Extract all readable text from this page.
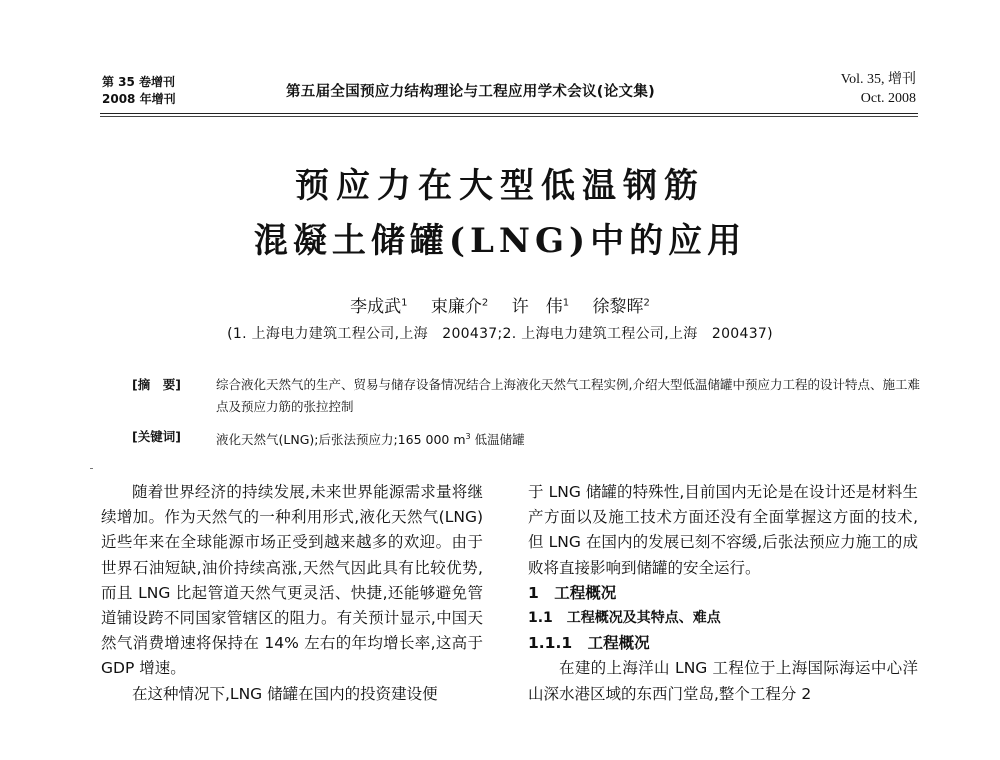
第 35 卷增刊
2008 年增刊	第五届全国预应力结构理论与工程应用学术会议(论文集)
Vol. 35, 增刊
Oct. 2008
预应力在大型低温钢筋
混凝土储罐(LNG)中的应用
李成武$^1$ 束廉介$^2$ 许　伟$^1$ 徐黎晖$^2$
(1. 上海电力建筑工程公司,上海　200437;2. 上海电力建筑工程公司,上海　200437)
[摘　要]	综合液化天然气的生产、贸易与储存设备情况结合上海液化天然气工程实例,介绍大型低温储罐中预应力工程的设计特点、施工难点及预应力筋的张拉控制
[关键词]	液化天然气(LNG);后张法预应力;165 000 $m^3$ 低温储罐

随着世界经济的持续发展,未来世界能源需求量将继续增加。作为天然气的一种利用形式,液化天然气(LNG)近些年来在全球能源市场正受到越来越多的欢迎。由于世界石油短缺,油价持续高涨,天然气因此具有比较优势,而且 LNG 比起管道天然气更灵活、快捷,还能够避免管道铺设跨不同国家管辖区的阻力。有关预计显示,中国天然气消费增速将保持在 14% 左右的年均增长率,这高于 GDP 增速。

在这种情况下,LNG 储罐在国内的投资建设便

于 LNG 储罐的特殊性,目前国内无论是在设计还是材料生产方面以及施工技术方面还没有全面掌握这方面的技术,但 LNG 在国内的发展已刻不容缓,后张法预应力施工的成败将直接影响到储罐的安全运行。

1　工程概况

1.1　工程概况及其特点、难点

1.1.1　工程概况

在建的上海洋山 LNG 工程位于上海国际海运中心洋山深水港区域的东西门堂岛,整个工程分 2
